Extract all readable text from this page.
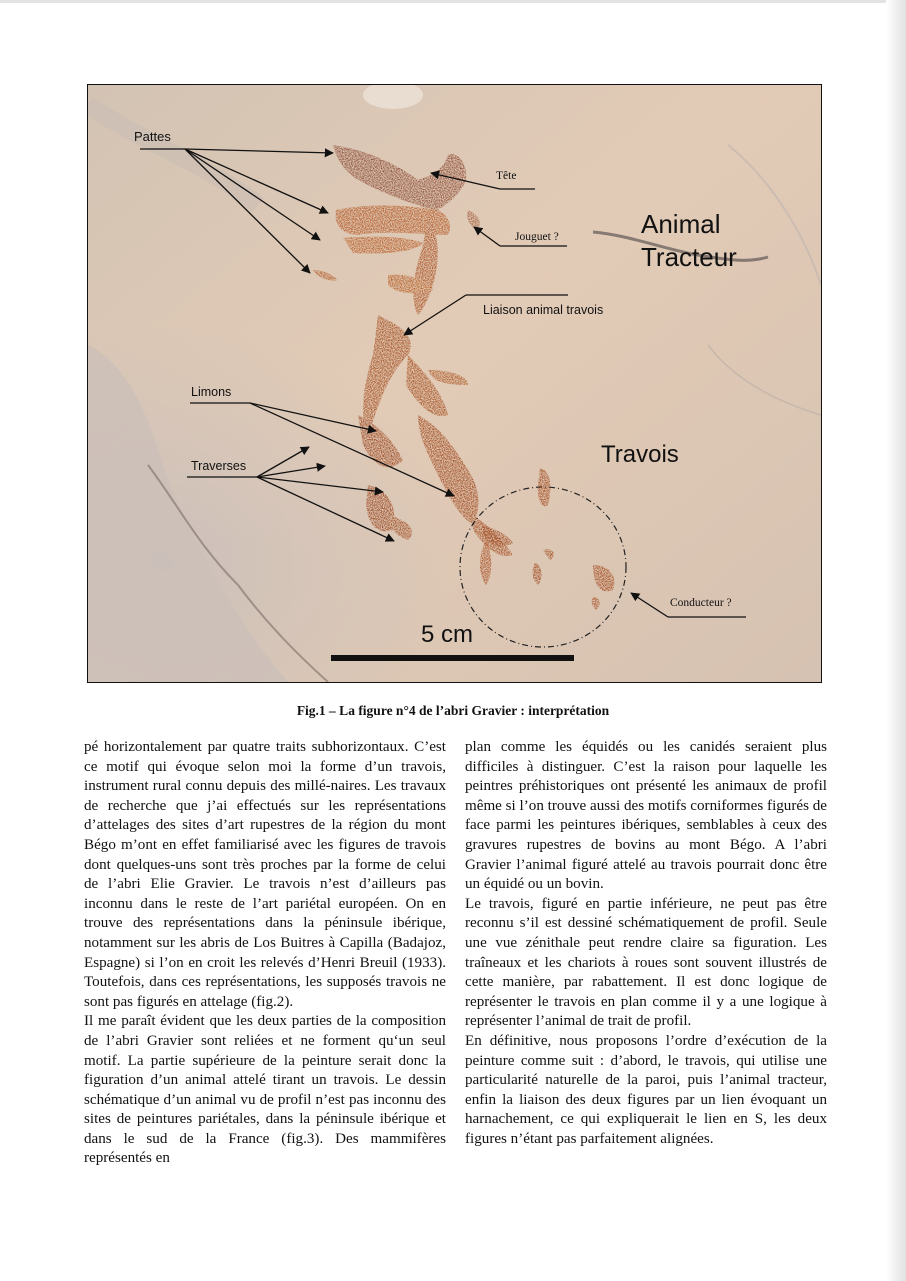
Pattes
Tête
Jouguet ?	Animal
Tracteur
Liaison animal travois
Limons
Traverses	Travois
Conducteur ?
5 cm
Fig.1 – La figure n°4 de l’abri Gravier : interprétation

pé horizontalement par quatre traits subhorizontaux. C’est ce motif qui évoque selon moi la forme d’un travois, instrument rural connu depuis des millé-naires. Les travaux de recherche que j’ai effectués sur les représentations d’attelages des sites d’art rupestres de la région du mont Bégo m’ont en effet familiarisé avec les figures de travois dont quelques-uns sont très proches par la forme de celui de l’abri Elie Gravier. Le travois n’est d’ailleurs pas inconnu dans le reste de l’art pariétal européen. On en trouve des représentations dans la péninsule ibérique, notamment sur les abris de Los Buitres à Capilla (Badajoz, Espagne) si l’on en croit les relevés d’Henri Breuil (1933). Toutefois, dans ces représentations, les supposés travois ne sont pas figurés en attelage (fig.2).

Il me paraît évident que les deux parties de la composition de l’abri Gravier sont reliées et ne forment qu‘un seul motif. La partie supérieure de la peinture serait donc la figuration d’un animal attelé tirant un travois. Le dessin schématique d’un animal vu de profil n’est pas inconnu des sites de peintures pariétales, dans la péninsule ibérique et dans le sud de la France (fig.3). Des mammifères représentés en

plan comme les équidés ou les canidés seraient plus difficiles à distinguer. C’est la raison pour laquelle les peintres préhistoriques ont présenté les animaux de profil même si l’on trouve aussi des motifs corniformes figurés de face parmi les peintures ibériques, semblables à ceux des gravures rupestres de bovins au mont Bégo. A l’abri Gravier l’animal figuré attelé au travois pourrait donc être un équidé ou un bovin.

Le travois, figuré en partie inférieure, ne peut pas être reconnu s’il est dessiné schématiquement de profil. Seule une vue zénithale peut rendre claire sa figuration. Les traîneaux et les chariots à roues sont souvent illustrés de cette manière, par rabattement. Il est donc logique de représenter le travois en plan comme il y a une logique à représenter l’animal de trait de profil.

En définitive, nous proposons l’ordre d’exécution de la peinture comme suit : d’abord, le travois, qui utilise une particularité naturelle de la paroi, puis l’animal tracteur, enfin la liaison des deux figures par un lien évoquant un harnachement, ce qui expliquerait le lien en S, les deux figures n’étant pas parfaitement alignées.
